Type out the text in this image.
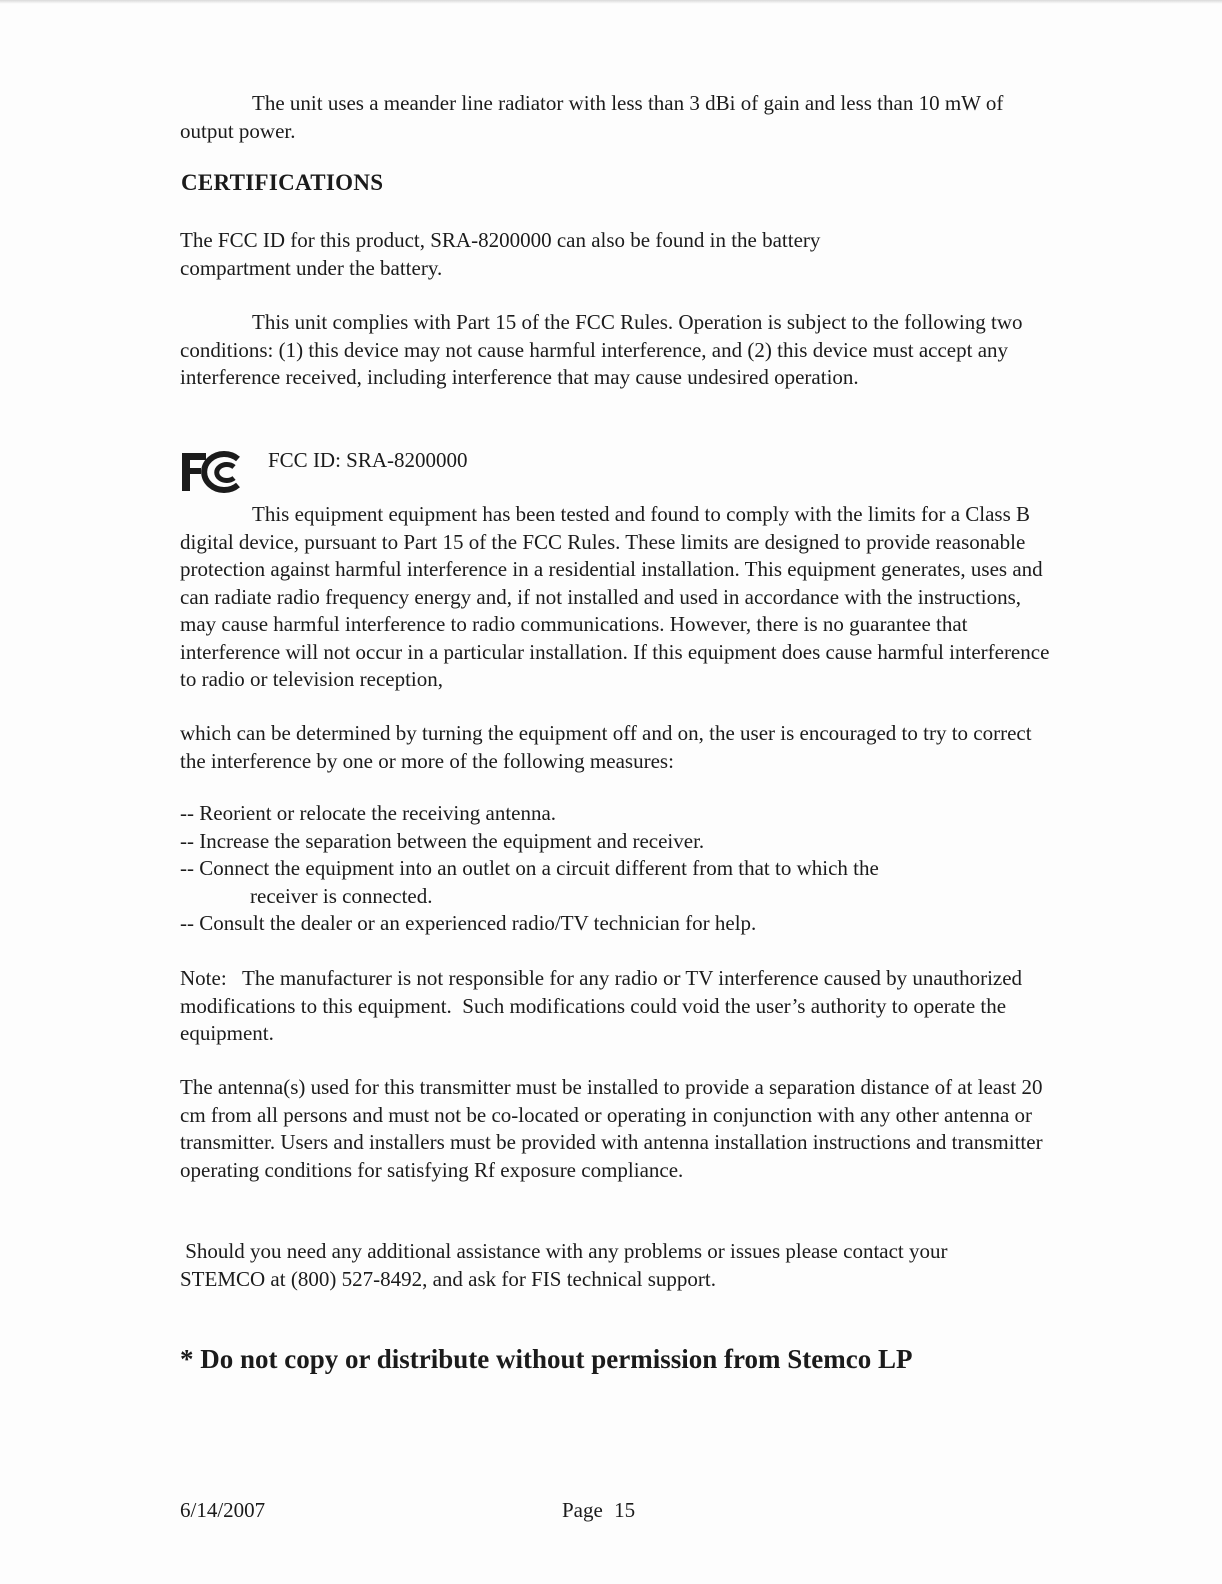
The unit uses a meander line radiator with less than 3 dBi of gain and less than 10 mW of output power.

CERTIFICATIONS

The FCC ID for this product, SRA-8200000 can also be found in the battery compartment under the battery.

This unit complies with Part 15 of the FCC Rules. Operation is subject to the following two conditions: (1) this device may not cause harmful interference, and (2) this device must accept any interference received, including interference that may cause undesired operation.

FCC ID: SRA-8200000

This equipment equipment has been tested and found to comply with the limits for a Class B digital device, pursuant to Part 15 of the FCC Rules. These limits are designed to provide reasonable protection against harmful interference in a residential installation. This equipment generates, uses and can radiate radio frequency energy and, if not installed and used in accordance with the instructions, may cause harmful interference to radio communications. However, there is no guarantee that interference will not occur in a particular installation. If this equipment does cause harmful interference to radio or television reception,

which can be determined by turning the equipment off and on, the user is encouraged to try to correct the interference by one or more of the following measures:

-- Reorient or relocate the receiving antenna.
-- Increase the separation between the equipment and receiver.
-- Connect the equipment into an outlet on a circuit different from that to which the
receiver is connected.
-- Consult the dealer or an experienced radio/TV technician for help.

Note:   The manufacturer is not responsible for any radio or TV interference caused by unauthorized modifications to this equipment.  Such modifications could void the user’s authority to operate the equipment.

The antenna(s) used for this transmitter must be installed to provide a separation distance of at least 20 cm from all persons and must not be co-located or operating in conjunction with any other antenna or transmitter. Users and installers must be provided with antenna installation instructions and transmitter operating conditions for satisfying Rf exposure compliance.

Should you need any additional assistance with any problems or issues please contact your STEMCO at (800) 527-8492, and ask for FIS technical support.

* Do not copy or distribute without permission from Stemco LP

6/14/2007	Page 15
